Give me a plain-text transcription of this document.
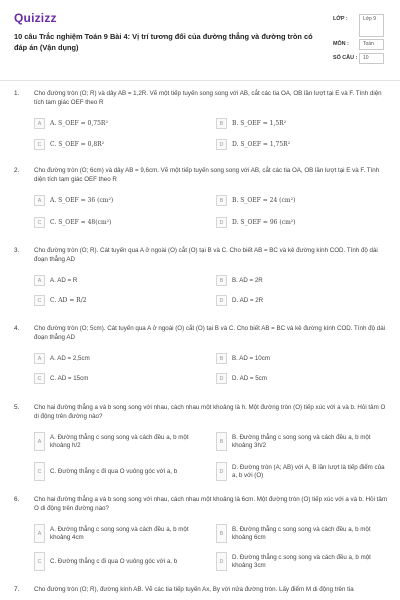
Quizizz
10 câu Trắc nghiệm Toán 9 Bài 4: Vị trí tương đối của đường thẳng và đường tròn có đáp án (Vận dụng)
LỚP :	Lớp 9
MÔN :	Toán
SỐ CÂU :	10
1. Cho đường tròn (O; R) và dây AB = 1,2R. Vẽ một tiếp tuyến song song với AB, cắt các tia OA, OB lần lượt tại E và F. Tính diện tích tam giác OEF theo R
A	A. S_OEF = 0,75R²	B	B. S_OEF = 1,5R²
C	C. S_OEF = 0,8R²	D	D. S_OEF = 1,75R²
2. Cho đường tròn (O; 6cm) và dây AB = 9,6cm. Vẽ một tiếp tuyến song song với AB, cắt các tia OA, OB lần lượt tại E và F. Tính diện tích tam giác OEF theo R
A	A. S_OEF = 36 (cm²)	B	B. S_OEF = 24 (cm²)
C	C. S_OEF = 48(cm²)	D	D. S_OEF = 96 (cm²)
3. Cho đường tròn (O; R). Cát tuyến qua A ở ngoài (O) cắt (O) tại B và C. Cho biết AB = BC và kẻ đường kính COD. Tính độ dài đoạn thẳng AD
A	A. AD = R	B	B. AD = 2R
C	C. AD = R/2	D	D. AD = 2R
4. Cho đường tròn (O; 5cm). Cát tuyến qua A ở ngoài (O) cắt (O) tại B và C. Cho biết AB = BC và kẻ đường kính COD. Tính độ dài đoạn thẳng AD
A	A. AD = 2,5cm	B	B. AD = 10cm
C	C. AD = 15cm	D	D. AD = 5cm
5. Cho hai đường thẳng a và b song song với nhau, cách nhau một khoảng là h. Một đường tròn (O) tiếp xúc với a và b. Hỏi tâm O di động trên đường nào?
A
A. Đường thẳng c song song và cách đều a, b một khoảng h/2	B
B. Đường thẳng c song song và cách đều a, b một khoảng 3h/2
C	C. Đường thẳng c đi qua O vuông góc với a, b	D
D. Đường tròn (A; AB) với A, B lần lượt là tiếp điểm của a, b với (O)
6. Cho hai đường thẳng a và b song song với nhau, cách nhau một khoảng là 6cm. Một đường tròn (O) tiếp xúc với a và b. Hỏi tâm O di động trên đường nào?
A
A. Đường thẳng c song song và cách đều a, b một khoảng 4cm	B
B. Đường thẳng c song song và cách đều a, b một khoảng 6cm
C	C. Đường thẳng c đi qua O vuông góc với a, b	D
D. Đường thẳng c song song và cách đều a, b một khoảng 3cm
7. Cho đường tròn (O; R), đường kính AB. Vẽ các tia tiếp tuyến Ax, By với nửa đường tròn. Lấy điểm M di động trên tia
